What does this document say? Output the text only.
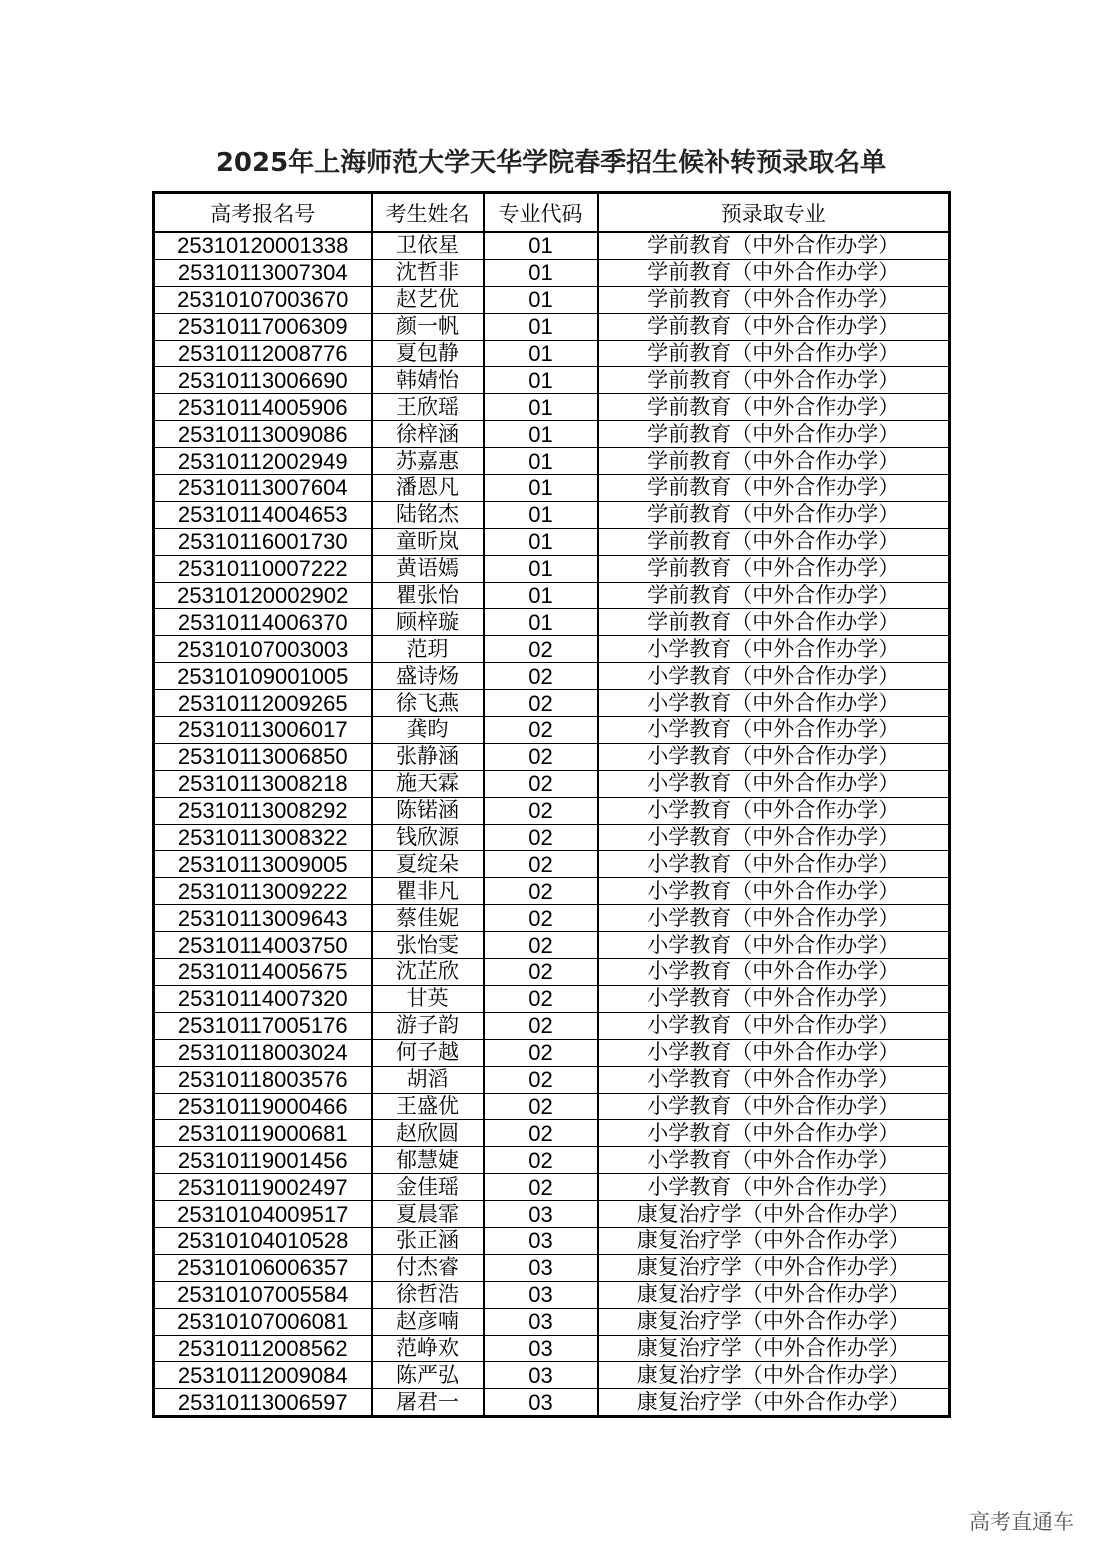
2025年上海师范大学天华学院春季招生候补转预录取名单
高考报名号	考生姓名	专业代码	预录取专业
25310120001338	卫依星	01	学前教育（中外合作办学）
25310113007304	沈哲非	01	学前教育（中外合作办学）
25310107003670	赵艺优	01	学前教育（中外合作办学）
25310117006309	颜一帆	01	学前教育（中外合作办学）
25310112008776	夏包静	01	学前教育（中外合作办学）
25310113006690	韩婧怡	01	学前教育（中外合作办学）
25310114005906	王欣瑶	01	学前教育（中外合作办学）
25310113009086	徐梓涵	01	学前教育（中外合作办学）
25310112002949	苏嘉惠	01	学前教育（中外合作办学）
25310113007604	潘恩凡	01	学前教育（中外合作办学）
25310114004653	陆铭杰	01	学前教育（中外合作办学）
25310116001730	童昕岚	01	学前教育（中外合作办学）
25310110007222	黄语嫣	01	学前教育（中外合作办学）
25310120002902	瞿张怡	01	学前教育（中外合作办学）
25310114006370	顾梓璇	01	学前教育（中外合作办学）
25310107003003	范玥	02	小学教育（中外合作办学）
25310109001005	盛诗炀	02	小学教育（中外合作办学）
25310112009265	徐飞燕	02	小学教育（中外合作办学）
25310113006017	龚昀	02	小学教育（中外合作办学）
25310113006850	张静涵	02	小学教育（中外合作办学）
25310113008218	施天霖	02	小学教育（中外合作办学）
25310113008292	陈锘涵	02	小学教育（中外合作办学）
25310113008322	钱欣源	02	小学教育（中外合作办学）
25310113009005	夏绽朵	02	小学教育（中外合作办学）
25310113009222	瞿非凡	02	小学教育（中外合作办学）
25310113009643	蔡佳妮	02	小学教育（中外合作办学）
25310114003750	张怡雯	02	小学教育（中外合作办学）
25310114005675	沈芷欣	02	小学教育（中外合作办学）
25310114007320	甘英	02	小学教育（中外合作办学）
25310117005176	游子韵	02	小学教育（中外合作办学）
25310118003024	何子越	02	小学教育（中外合作办学）
25310118003576	胡滔	02	小学教育（中外合作办学）
25310119000466	王盛优	02	小学教育（中外合作办学）
25310119000681	赵欣圆	02	小学教育（中外合作办学）
25310119001456	郁慧婕	02	小学教育（中外合作办学）
25310119002497	金佳瑶	02	小学教育（中外合作办学）
25310104009517	夏晨霏	03	康复治疗学（中外合作办学）
25310104010528	张正涵	03	康复治疗学（中外合作办学）
25310106006357	付杰睿	03	康复治疗学（中外合作办学）
25310107005584	徐哲浩	03	康复治疗学（中外合作办学）
25310107006081	赵彦喃	03	康复治疗学（中外合作办学）
25310112008562	范峥欢	03	康复治疗学（中外合作办学）
25310112009084	陈严弘	03	康复治疗学（中外合作办学）
25310113006597	屠君一	03	康复治疗学（中外合作办学）
高考直通车
